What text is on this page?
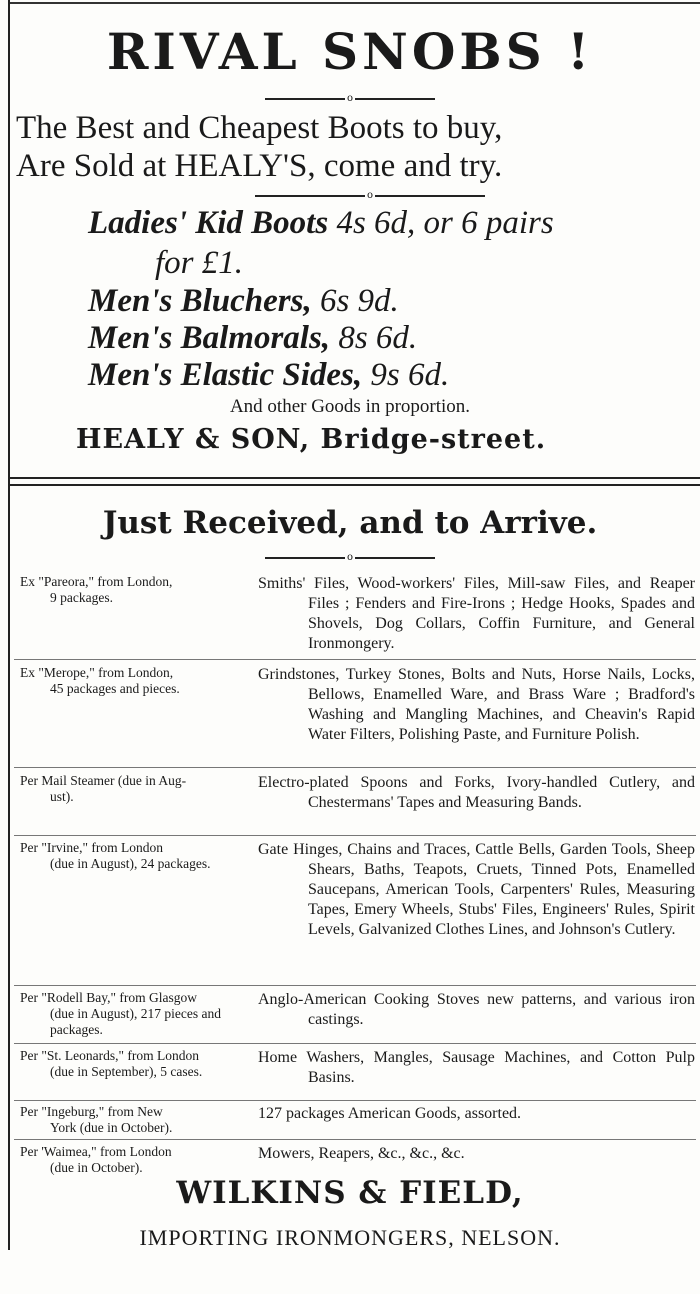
RIVAL SNOBS !
o
The Best and Cheapest Boots to buy,
Are Sold at HEALY'S, come and try.
o
Ladies' Kid Boots 4s 6d, or 6 pairs
for £1.
Men's Bluchers, 6s 9d.
Men's Balmorals, 8s 6d.
Men's Elastic Sides, 9s 6d.
And other Goods in proportion.
HEALY & SON, Bridge-street.
Just Received, and to Arrive.
o
Ex "Pareora," from London,
9 packages.
Smiths' Files, Wood-workers' Files, Mill-saw Files, and Reaper Files ; Fenders and Fire-Irons ; Hedge Hooks, Spades and Shovels, Dog Collars, Coffin Furniture, and General Ironmongery.
Ex "Merope," from London,
45 packages and pieces.
Grindstones, Turkey Stones, Bolts and Nuts, Horse Nails, Locks, Bellows, Enamelled Ware, and Brass Ware ; Bradford's Washing and Mangling Machines, and Cheavin's Rapid Water Filters, Polishing Paste, and Furniture Polish.
Per Mail Steamer (due in Aug-
ust).
Electro-plated Spoons and Forks, Ivory-handled Cutlery, and Chestermans' Tapes and Measuring Bands.
Per "Irvine," from London
(due in August), 24 packages.
Gate Hinges, Chains and Traces, Cattle Bells, Garden Tools, Sheep Shears, Baths, Teapots, Cruets, Tinned Pots, Enamelled Saucepans, American Tools, Carpenters' Rules, Measuring Tapes, Emery Wheels, Stubs' Files, Engineers' Rules, Spirit Levels, Galvanized Clothes Lines, and Johnson's Cutlery.
Per "Rodell Bay," from Glasgow
(due in August), 217 pieces and packages.
Anglo-American Cooking Stoves new patterns, and various iron castings.
Per "St. Leonards," from London
(due in September), 5 cases.
Home Washers, Mangles, Sausage Machines, and Cotton Pulp Basins.
Per "Ingeburg," from New
York (due in October).
127 packages American Goods, assorted.
Per 'Waimea," from London
(due in October).
Mowers, Reapers, &c., &c., &c.
WILKINS & FIELD,
IMPORTING IRONMONGERS, NELSON.
